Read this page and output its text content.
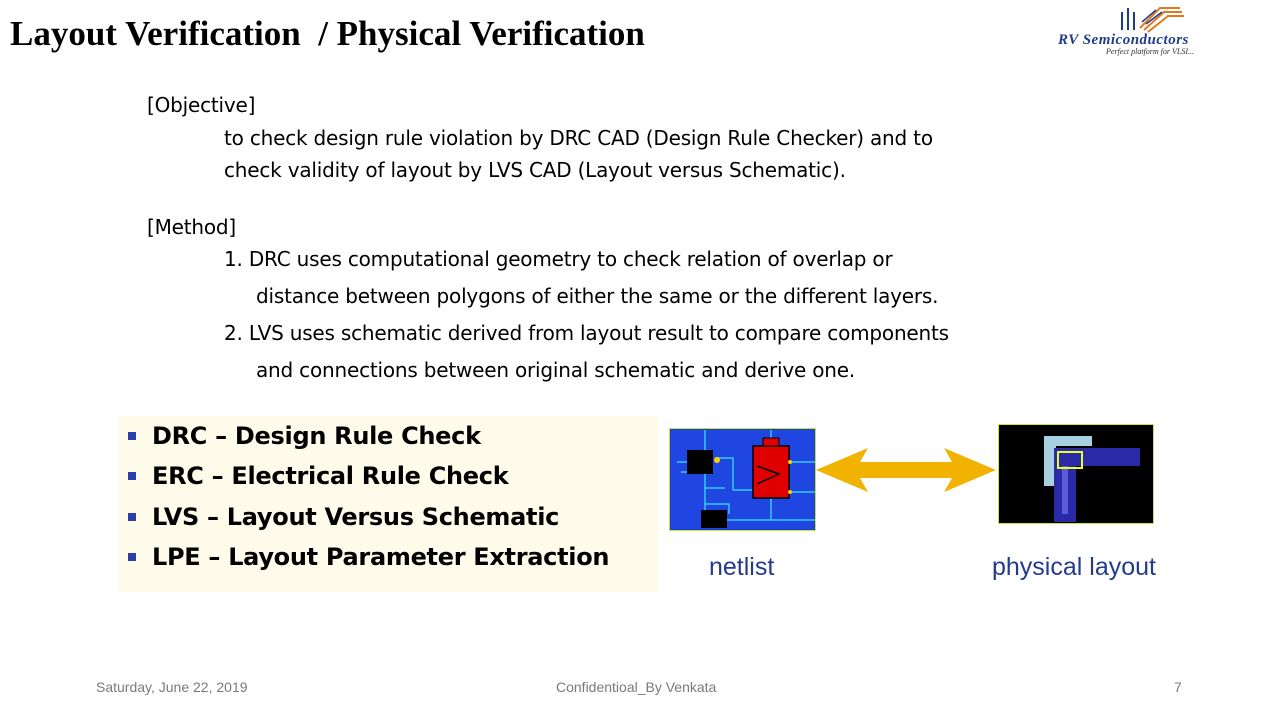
Layout Verification  / Physical Verification	RV Semiconductors
Perfect platform for VLSI...
[Objective]
to check design rule violation by DRC CAD (Design Rule Checker) and to
check validity of layout by LVS CAD (Layout versus Schematic).
[Method]
1. DRC uses computational geometry to check relation of overlap or
distance between polygons of either the same or the different layers.
2. LVS uses schematic derived from layout result to compare components
and connections between original schematic and derive one.
DRC – Design Rule Check
ERC – Electrical Rule Check
LVS – Layout Versus Schematic
LPE – Layout Parameter Extraction	netlist	physical layout
Saturday, June 22, 2019	Confidentioal_By Venkata	7
